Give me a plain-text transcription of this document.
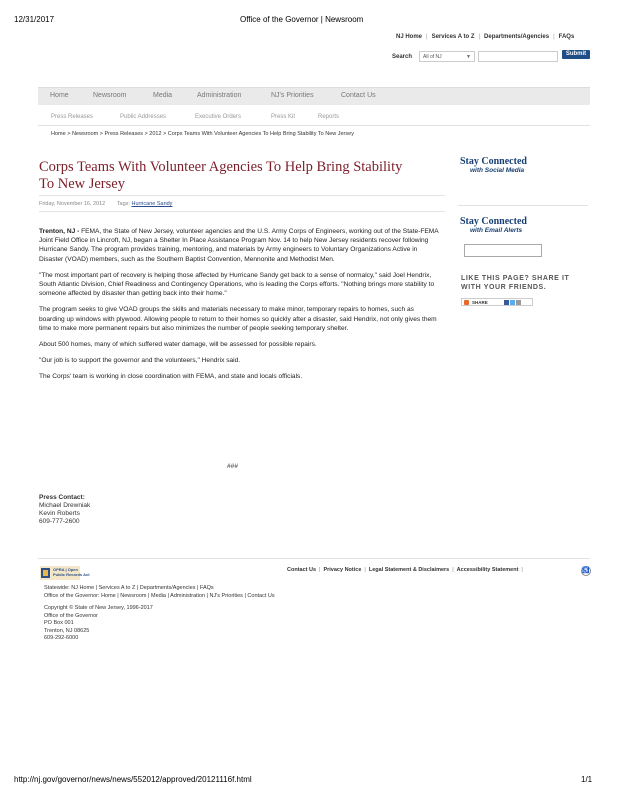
12/31/2017	Office of the Governor | Newsroom
NJ Home | Services A to Z | Departments/Agencies | FAQs
Search	All of NJ	▼	Submit
Home	Newsroom	Media	Administration	NJ's Priorities	Contact Us
Press Releases	Public Addresses	Executive Orders	Press Kit	Reports
Home > Newsroom > Press Releases > 2012 > Corps Teams With Volunteer Agencies To Help Bring Stability To New Jersey
Corps Teams With Volunteer Agencies To Help Bring Stability
To New Jersey
Friday, November 16, 2012 Tags: Hurricane Sandy

Trenton, NJ - FEMA, the State of New Jersey, volunteer agencies and the U.S. Army Corps of Engineers, working out of the State-FEMA Joint Field Office in Lincroft, NJ, began a Shelter In Place Assistance Program Nov. 14 to help New Jersey residents recover following Hurricane Sandy. The program provides training, mentoring, and materials by Army engineers to Voluntary Organizations Active in Disaster (VOAD) members, such as the Southern Baptist Convention, Mennonite and Methodist Men.

"The most important part of recovery is helping those affected by Hurricane Sandy get back to a sense of normalcy," said Joel Hendrix, South Atlantic Division, Chief Readiness and Contingency Operations, who is leading the Corps efforts. "Nothing brings more stability to someone affected by disaster than getting back into their home."

The program seeks to give VOAD groups the skills and materials necessary to make minor, temporary repairs to homes, such as boarding up windows with plywood. Allowing people to return to their homes so quickly after a disaster, said Hendrix, not only gives them time to make more permanent repairs but also minimizes the number of people seeking temporary shelter.

About 500 homes, many of which suffered water damage, will be assessed for possible repairs.

"Our job is to support the governor and the volunteers," Hendrix said.

The Corps' team is working in close coordination with FEMA, and state and locals officials.

###

Press Contact:
Michael Drewniak
Kevin Roberts
609-777-2600
Stay Connected
with Social Media
Stay Connected
with Email Alerts
LIKE THIS PAGE? SHARE IT
WITH YOUR FRIENDS.
SHARE
OPRA | Open
Public Records Act
Contact Us | Privacy Notice | Legal Statement & Disclaimers | Accessibility Statement |	♿
Statewide: NJ Home | Services A to Z | Departments/Agencies | FAQs
Office of the Governor: Home | Newsroom | Media | Administration | NJ's Priorities | Contact Us
Copyright © State of New Jersey, 1996-2017
Office of the Governor
PO Box 001
Trenton, NJ 08625
609-292-6000
http://nj.gov/governor/news/news/552012/approved/20121116f.html	1/1
